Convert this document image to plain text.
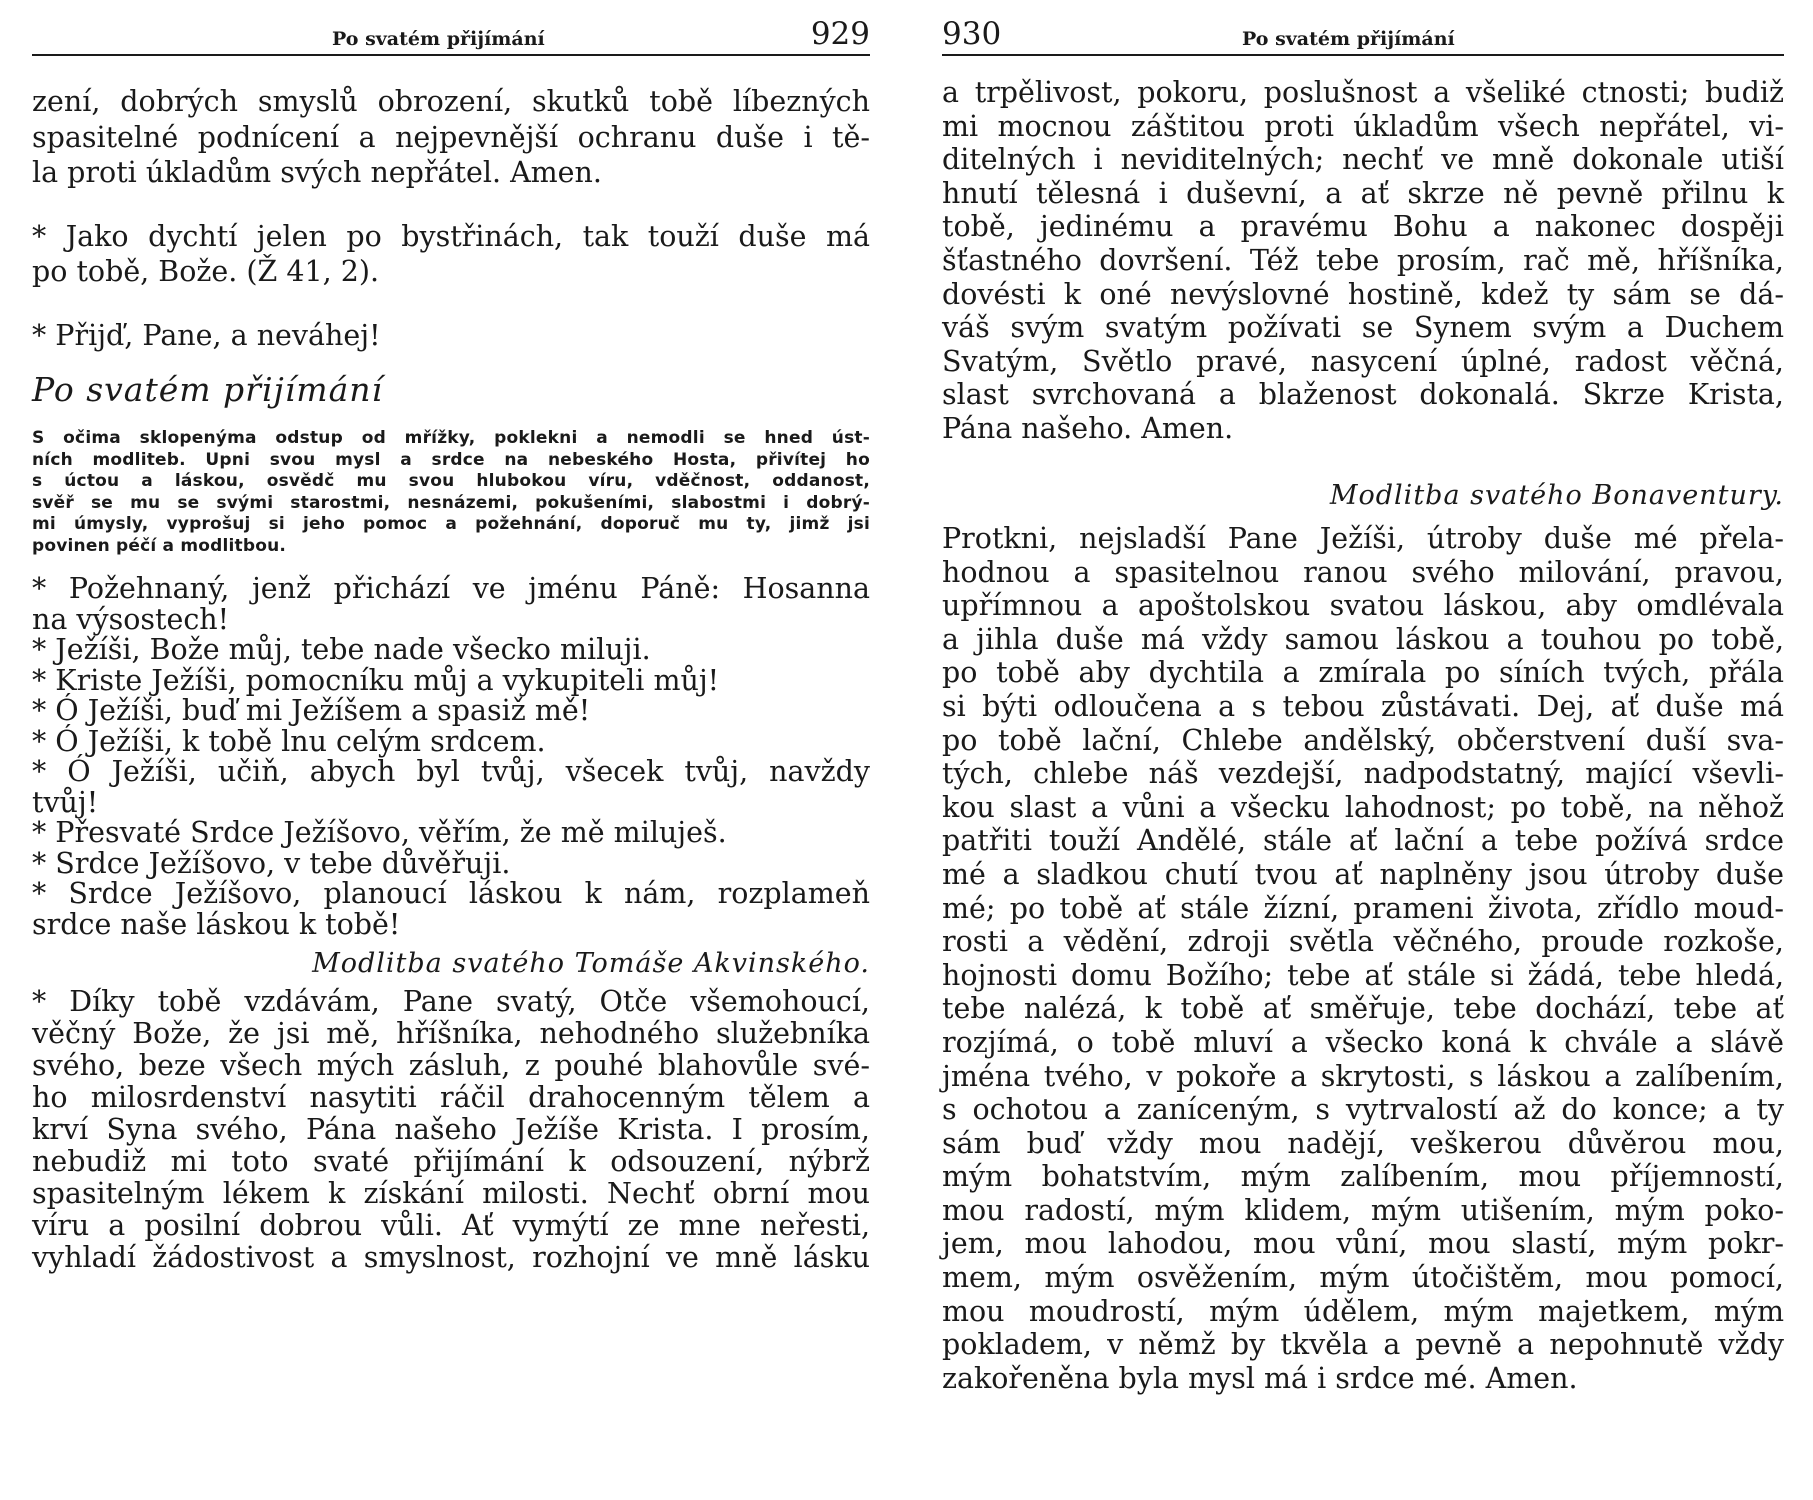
Po svatém přijímání	929
zení, dobrých smyslů obrození, skutků tobě líbezných
spasitelné podnícení a nejpevnější ochranu duše i tě-
la proti úkladům svých nepřátel. Amen.
* Jako dychtí jelen po bystřinách, tak touží duše má
po tobě, Bože. (Ž 41, 2).
* Přijď, Pane, a neváhej!
Po svatém přijímání
S očima sklopenýma odstup od mřížky, poklekni a nemodli se hned úst-
ních modliteb. Upni svou mysl a srdce na nebeského Hosta, přivítej ho
s úctou a láskou, osvědč mu svou hlubokou víru, vděčnost, oddanost,
svěř se mu se svými starostmi, nesnázemi, pokušeními, slabostmi i dobrý-
mi úmysly, vyprošuj si jeho pomoc a požehnání, doporuč mu ty, jimž jsi
povinen péčí a modlitbou.
* Požehnaný, jenž přichází ve jménu Páně: Hosanna
na výsostech!
* Ježíši, Bože můj, tebe nade všecko miluji.
* Kriste Ježíši, pomocníku můj a vykupiteli můj!
* Ó Ježíši, buď mi Ježíšem a spasiž mě!
* Ó Ježíši, k tobě lnu celým srdcem.
* Ó Ježíši, učiň, abych byl tvůj, všecek tvůj, navždy
tvůj!
* Přesvaté Srdce Ježíšovo, věřím, že mě miluješ.
* Srdce Ježíšovo, v tebe důvěřuji.
* Srdce Ježíšovo, planoucí láskou k nám, rozplameň
srdce naše láskou k tobě!
Modlitba svatého Tomáše Akvinského.
* Díky tobě vzdávám, Pane svatý, Otče všemohoucí,
věčný Bože, že jsi mě, hříšníka, nehodného služebníka
svého, beze všech mých zásluh, z pouhé blahovůle své-
ho milosrdenství nasytiti ráčil drahocenným tělem a
krví Syna svého, Pána našeho Ježíše Krista. I prosím,
nebudiž mi toto svaté přijímání k odsouzení, nýbrž
spasitelným lékem k získání milosti. Nechť obrní mou
víru a posilní dobrou vůli. Ať vymýtí ze mne neřesti,
vyhladí žádostivost a smyslnost, rozhojní ve mně lásku
930	Po svatém přijímání
a trpělivost, pokoru, poslušnost a všeliké ctnosti; budiž
mi mocnou záštitou proti úkladům všech nepřátel, vi-
ditelných i neviditelných; nechť ve mně dokonale utiší
hnutí tělesná i duševní, a ať skrze ně pevně přilnu k
tobě, jedinému a pravému Bohu a nakonec dospěji
šťastného dovršení. Též tebe prosím, rač mě, hříšníka,
dovésti k oné nevýslovné hostině, kdež ty sám se dá-
váš svým svatým požívati se Synem svým a Duchem
Svatým, Světlo pravé, nasycení úplné, radost věčná,
slast svrchovaná a blaženost dokonalá. Skrze Krista,
Pána našeho. Amen.
Modlitba svatého Bonaventury.
Protkni, nejsladší Pane Ježíši, útroby duše mé přela-
hodnou a spasitelnou ranou svého milování, pravou,
upřímnou a apoštolskou svatou láskou, aby omdlévala
a jihla duše má vždy samou láskou a touhou po tobě,
po tobě aby dychtila a zmírala po síních tvých, přála
si býti odloučena a s tebou zůstávati. Dej, ať duše má
po tobě lační, Chlebe andělský, občerstvení duší sva-
tých, chlebe náš vezdejší, nadpodstatný, mající vševli-
kou slast a vůni a všecku lahodnost; po tobě, na něhož
patřiti touží Andělé, stále ať lační a tebe požívá srdce
mé a sladkou chutí tvou ať naplněny jsou útroby duše
mé; po tobě ať stále žízní, prameni života, zřídlo moud-
rosti a vědění, zdroji světla věčného, proude rozkoše,
hojnosti domu Božího; tebe ať stále si žádá, tebe hledá,
tebe nalézá, k tobě ať směřuje, tebe dochází, tebe ať
rozjímá, o tobě mluví a všecko koná k chvále a slávě
jména tvého, v pokoře a skrytosti, s láskou a zalíbením,
s ochotou a zaníceným, s vytrvalostí až do konce; a ty
sám buď vždy mou nadějí, veškerou důvěrou mou,
mým bohatstvím, mým zalíbením, mou příjemností,
mou radostí, mým klidem, mým utišením, mým poko-
jem, mou lahodou, mou vůní, mou slastí, mým pokr-
mem, mým osvěžením, mým útočištěm, mou pomocí,
mou moudrostí, mým údělem, mým majetkem, mým
pokladem, v němž by tkvěla a pevně a nepohnutě vždy
zakořeněna byla mysl má i srdce mé. Amen.
